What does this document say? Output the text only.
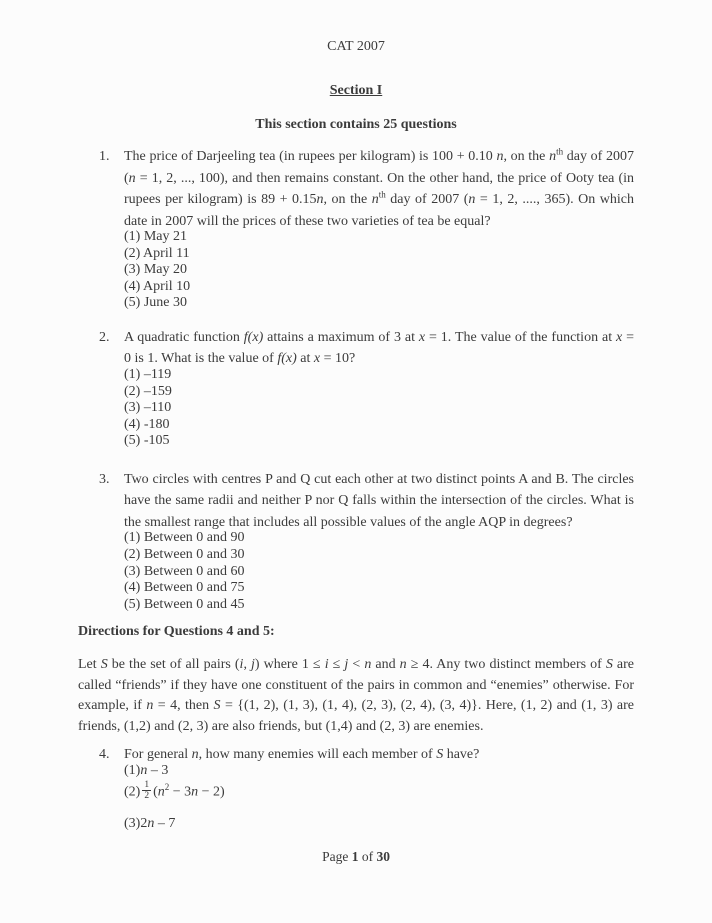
CAT 2007
Section I
This section contains 25 questions
1.	The price of Darjeeling tea (in rupees per kilogram) is 100 + 0.10 n, on the $n^{th}$ day of 2007 (n = 1, 2, ..., 100), and then remains constant. On the other hand, the price of Ooty tea (in rupees per kilogram) is 89 + 0.15n, on the $n^{th}$ day of 2007 (n = 1, 2, ...., 365). On which date in 2007 will the prices of these two varieties of tea be equal?
(1) May 21
(2) April 11
(3) May 20
(4) April 10
(5) June 30
2.	A quadratic function f(x) attains a maximum of 3 at x = 1. The value of the function at x = 0 is 1. What is the value of f(x) at x = 10?
(1) –119
(2) –159
(3) –110
(4) -180
(5) -105
3.	Two circles with centres P and Q cut each other at two distinct points A and B. The circles have the same radii and neither P nor Q falls within the intersection of the circles. What is the smallest range that includes all possible values of the angle AQP in degrees?
(1) Between 0 and 90
(2) Between 0 and 30
(3) Between 0 and 60
(4) Between 0 and 75
(5) Between 0 and 45
Directions for Questions 4 and 5:
Let S be the set of all pairs (i, j) where 1 ≤ i ≤ j < n and n ≥ 4. Any two distinct members of S are called “friends” if they have one constituent of the pairs in common and “enemies” otherwise. For example, if n = 4, then S = {(1, 2), (1, 3), (1, 4), (2, 3), (2, 4), (3, 4)}. Here, (1, 2) and (1, 3) are friends, (1,2) and (2, 3) are also friends, but (1,4) and (2, 3) are enemies.
4.	For general n, how many enemies will each member of S have?
(1)n – 3
$(2) \frac{1}{2} (n^2 - 3n - 2)$
(3)2n – 7
Page 1 of 30
